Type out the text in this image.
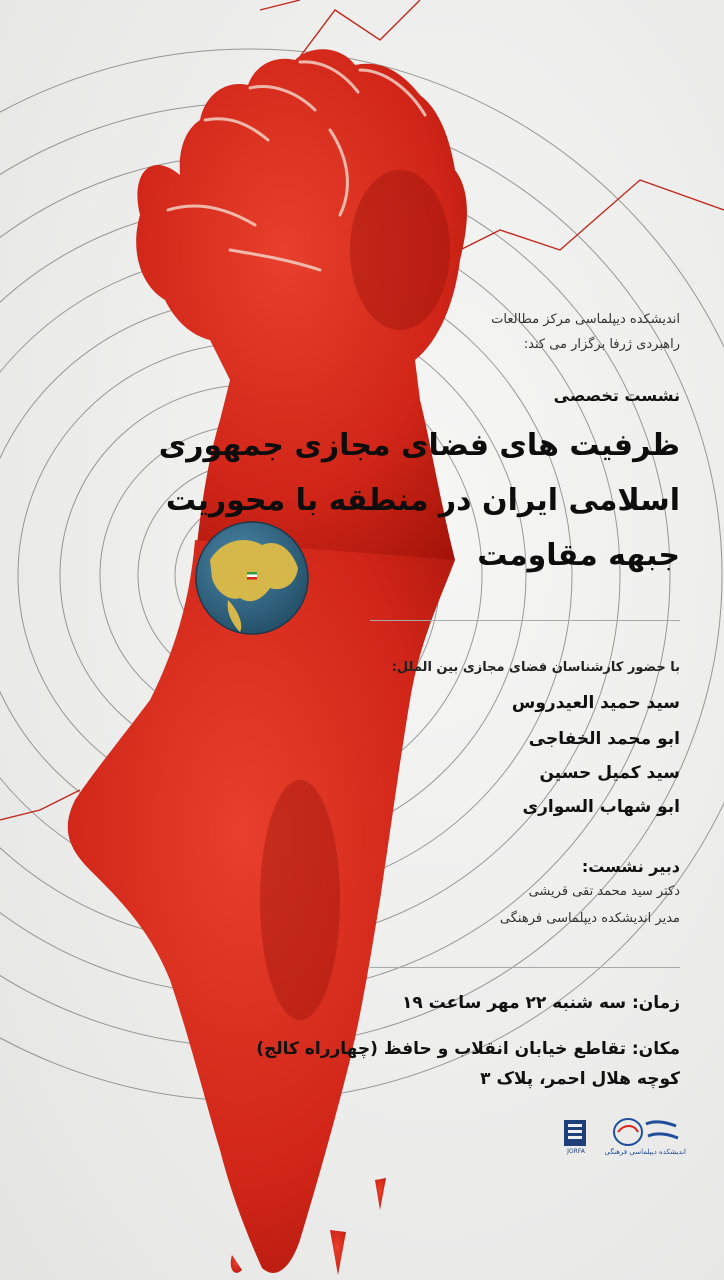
اندیشکده دیپلماسی مرکز مطالعات
راهبردی ژرفا برگزار می کند:
نشست تخصصی
ظرفیت های فضای مجازی جمهوری
اسلامی ایران در منطقه با محوریت
جبهه مقاومت
با حضور کارشناسان فضای مجازی بین الملل:
سید حمید العیدروس
ابو محمد الخفاجی
سید کمیل حسین
ابو شهاب السواری
دبیر نشست:
دکتر سید محمد تقی قریشی
مدیر اندیشکده دیپلماسی فرهنگی
زمان: سه شنبه ۲۲ مهر ساعت ۱۹
مکان: تقاطع خیابان انقلاب و حافظ (چهارراه کالج)
کوچه هلال احمر، پلاک ۳
JORFA	اندیشکده دیپلماسی فرهنگی
